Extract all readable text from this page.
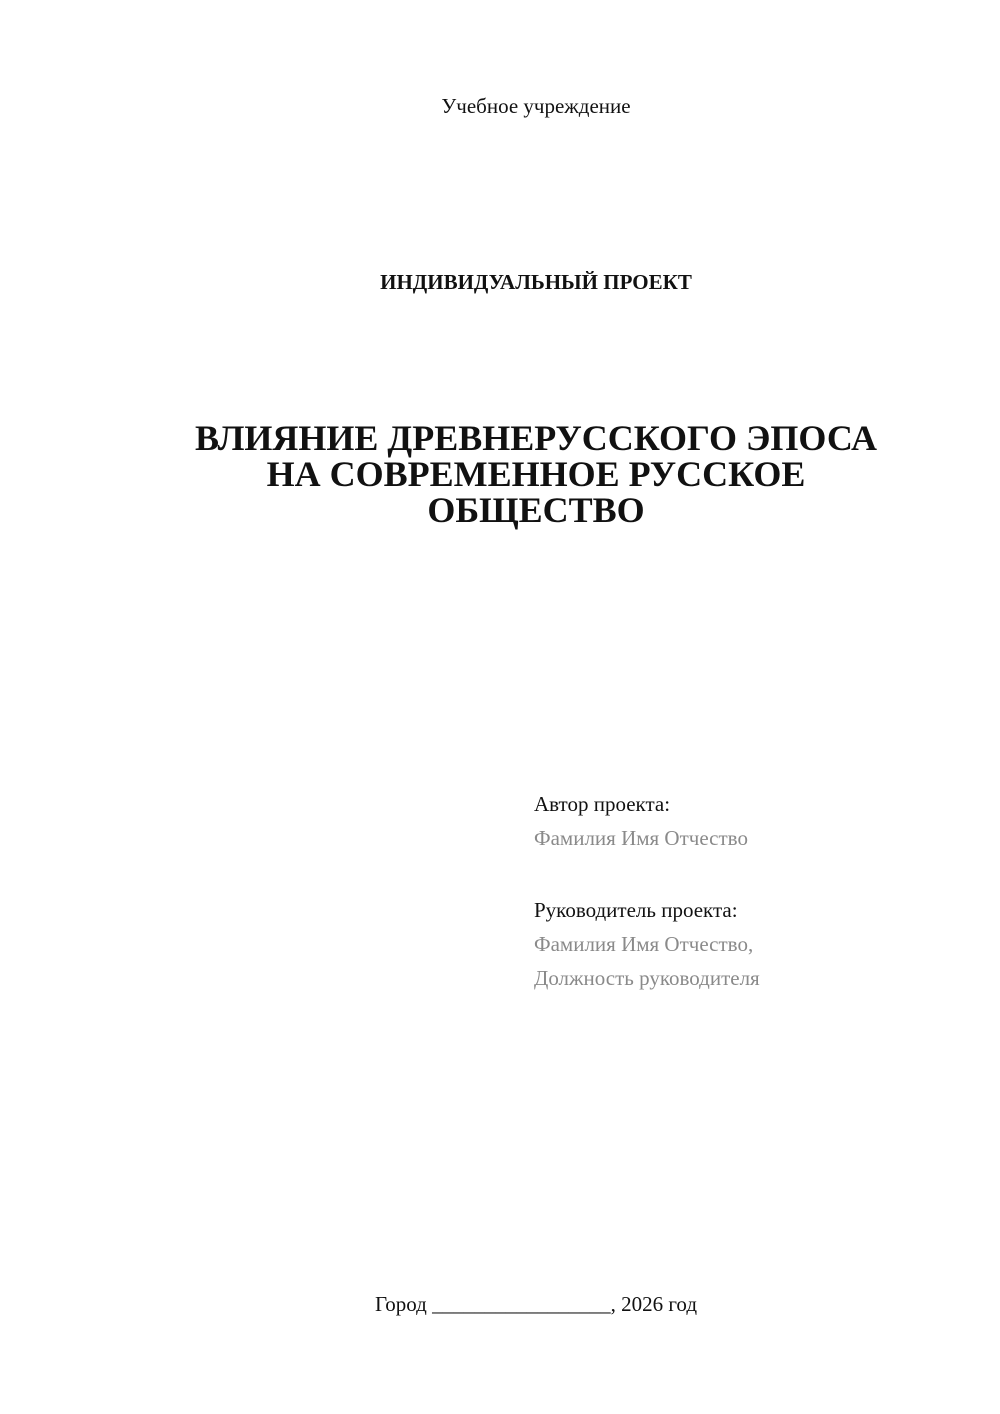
Учебное учреждение
ИНДИВИДУАЛЬНЫЙ ПРОЕКТ
ВЛИЯНИЕ ДРЕВНЕРУССКОГО ЭПОСА
НА СОВРЕМЕННОЕ РУССКОЕ
ОБЩЕСТВО
Автор проекта:
Фамилия Имя Отчество
Руководитель проекта:
Фамилия Имя Отчество,
Должность руководителя
Город _________________, 2026 год
